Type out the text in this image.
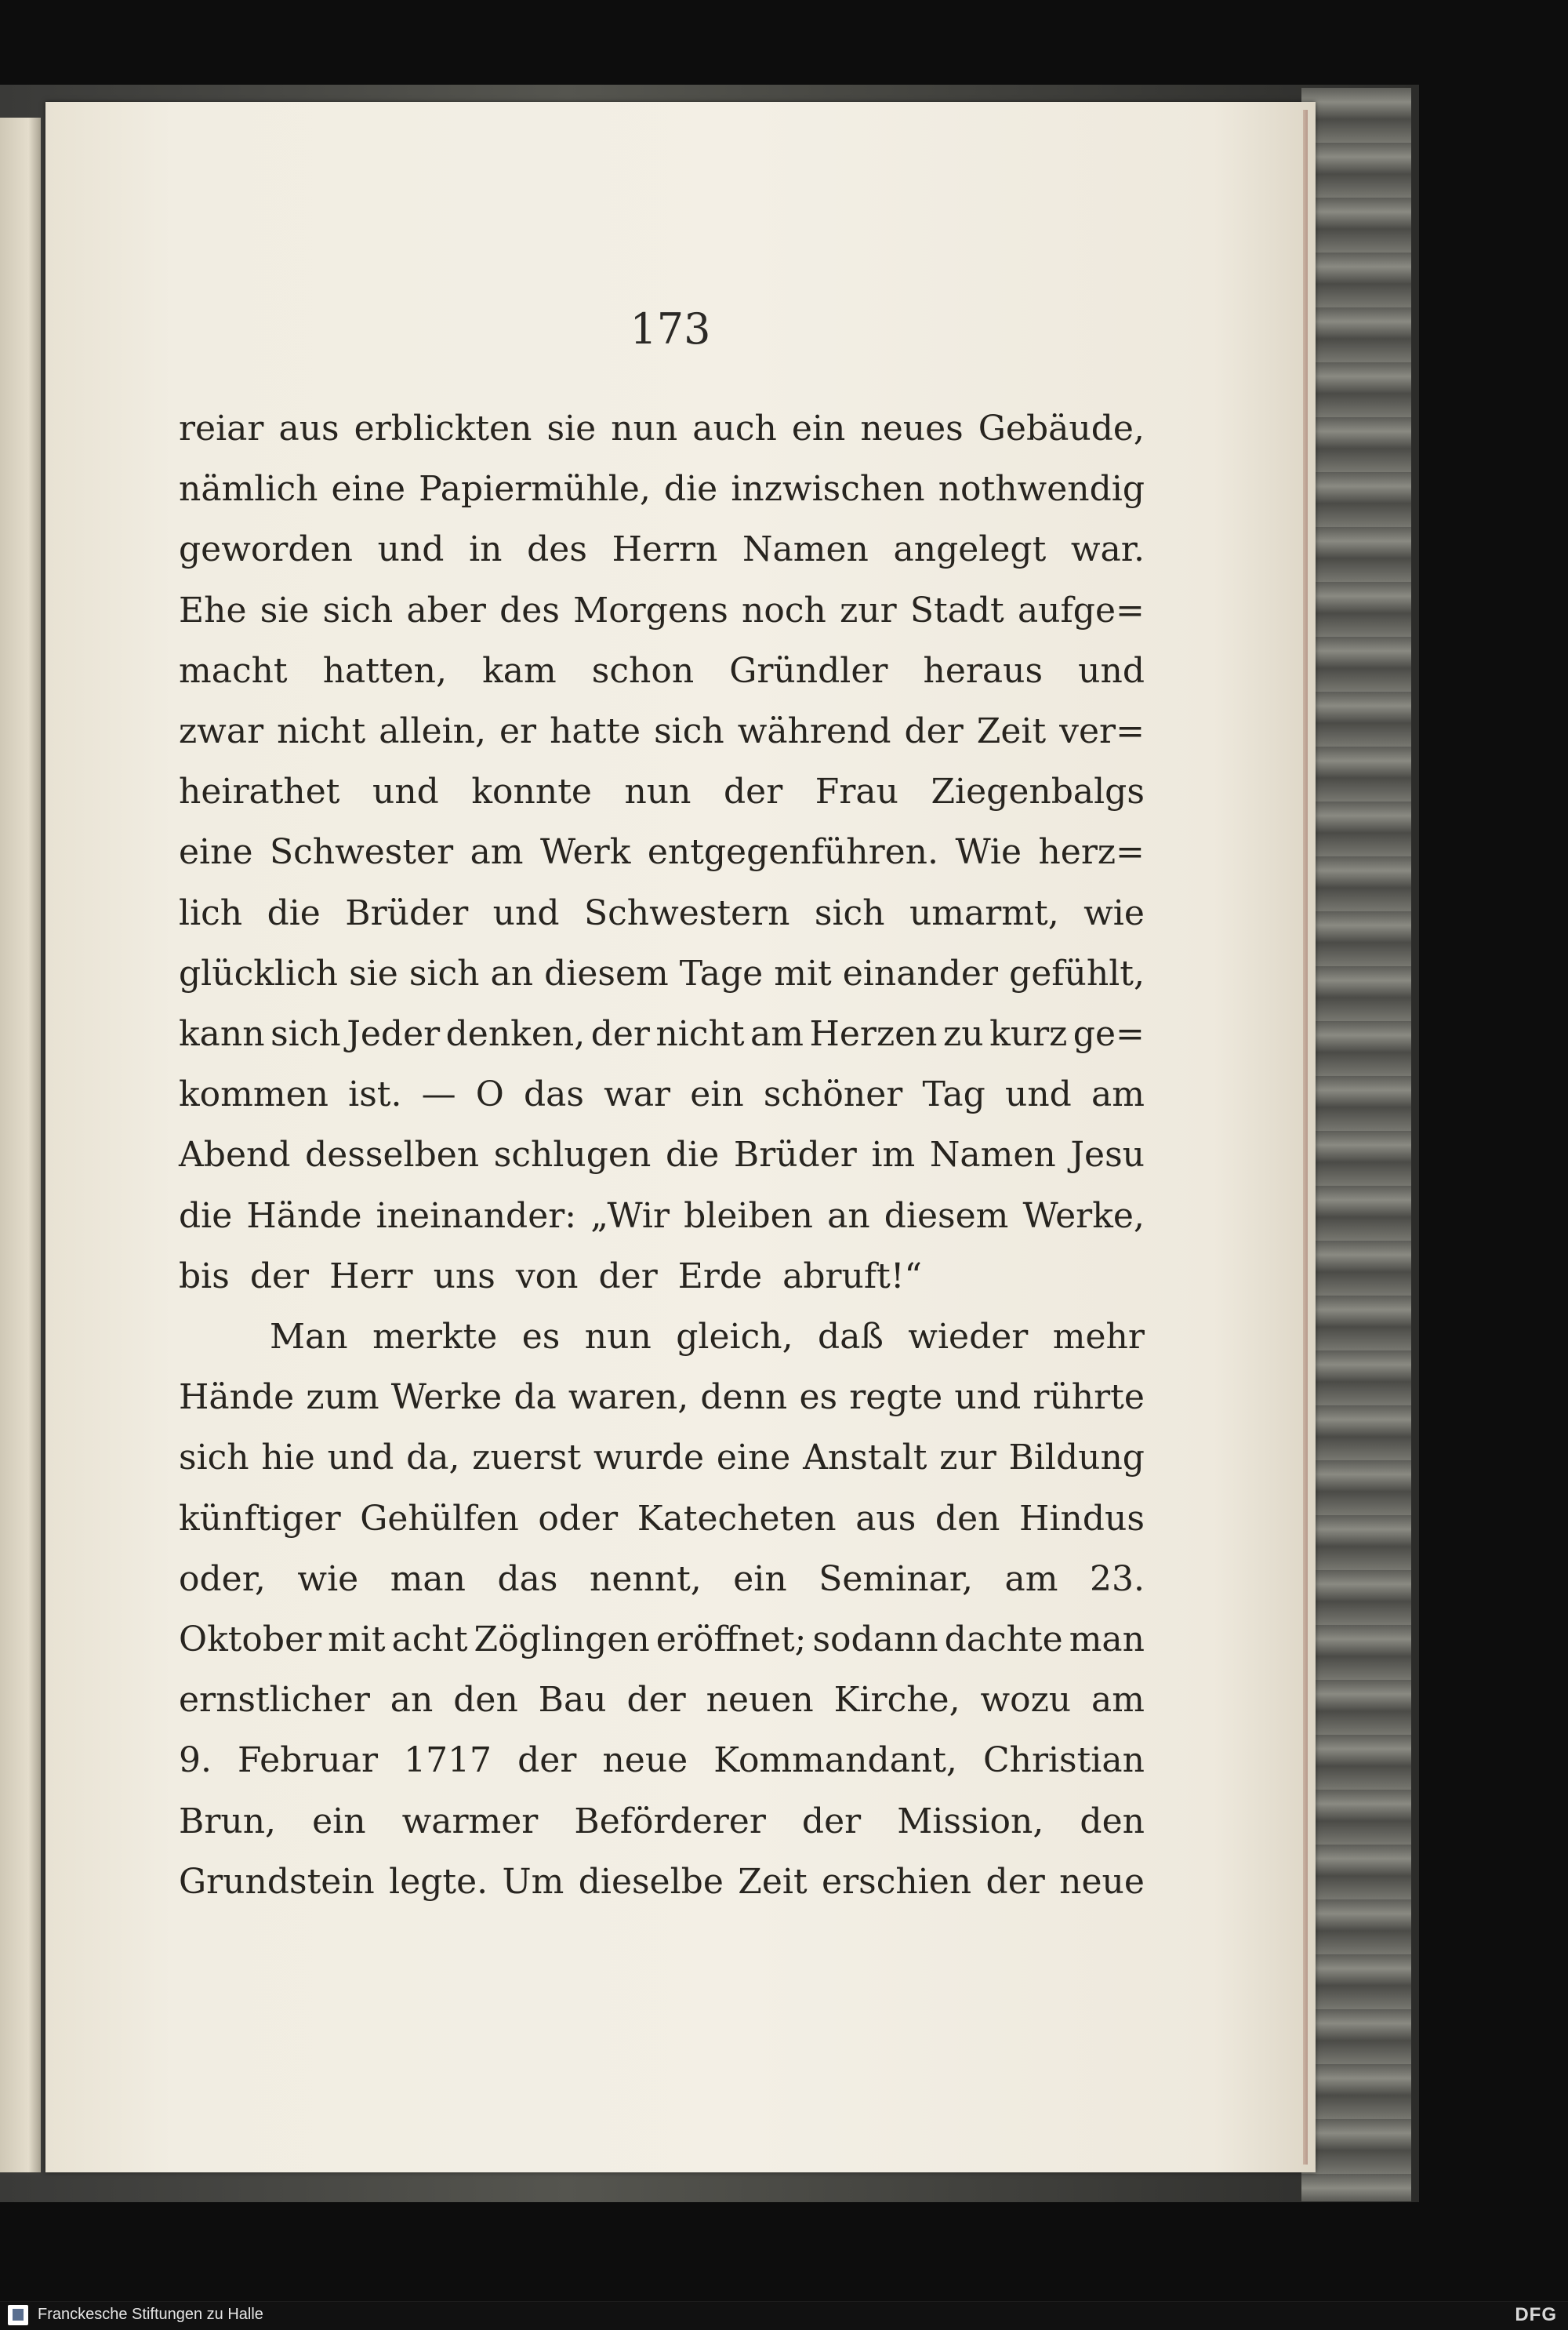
173
reiar aus erblickten sie nun auch ein neues Gebäude,
nämlich eine Papiermühle, die inzwischen nothwendig
geworden und in des Herrn Namen angelegt war.
Ehe sie sich aber des Morgens noch zur Stadt aufge=
macht hatten, kam schon Gründler heraus und
zwar nicht allein, er hatte sich während der Zeit ver=
heirathet und konnte nun der Frau Ziegenbalgs
eine Schwester am Werk entgegenführen. Wie herz=
lich die Brüder und Schwestern sich umarmt, wie
glücklich sie sich an diesem Tage mit einander gefühlt,
kann sich Jeder denken, der nicht am Herzen zu kurz ge=
kommen ist. — O das war ein schöner Tag und am
Abend desselben schlugen die Brüder im Namen Jesu
die Hände ineinander: „Wir bleiben an diesem Werke,
bis der Herr uns von der Erde abruft!“
Man merkte es nun gleich, daß wieder mehr
Hände zum Werke da waren, denn es regte und rührte
sich hie und da, zuerst wurde eine Anstalt zur Bildung
künftiger Gehülfen oder Katecheten aus den Hindus
oder, wie man das nennt, ein Seminar, am 23.
Oktober mit acht Zöglingen eröffnet; sodann dachte man
ernstlicher an den Bau der neuen Kirche, wozu am
9. Februar 1717 der neue Kommandant, Christian
Brun, ein warmer Beförderer der Mission, den
Grundstein legte. Um dieselbe Zeit erschien der neue
Franckesche Stiftungen zu Halle	DFG
